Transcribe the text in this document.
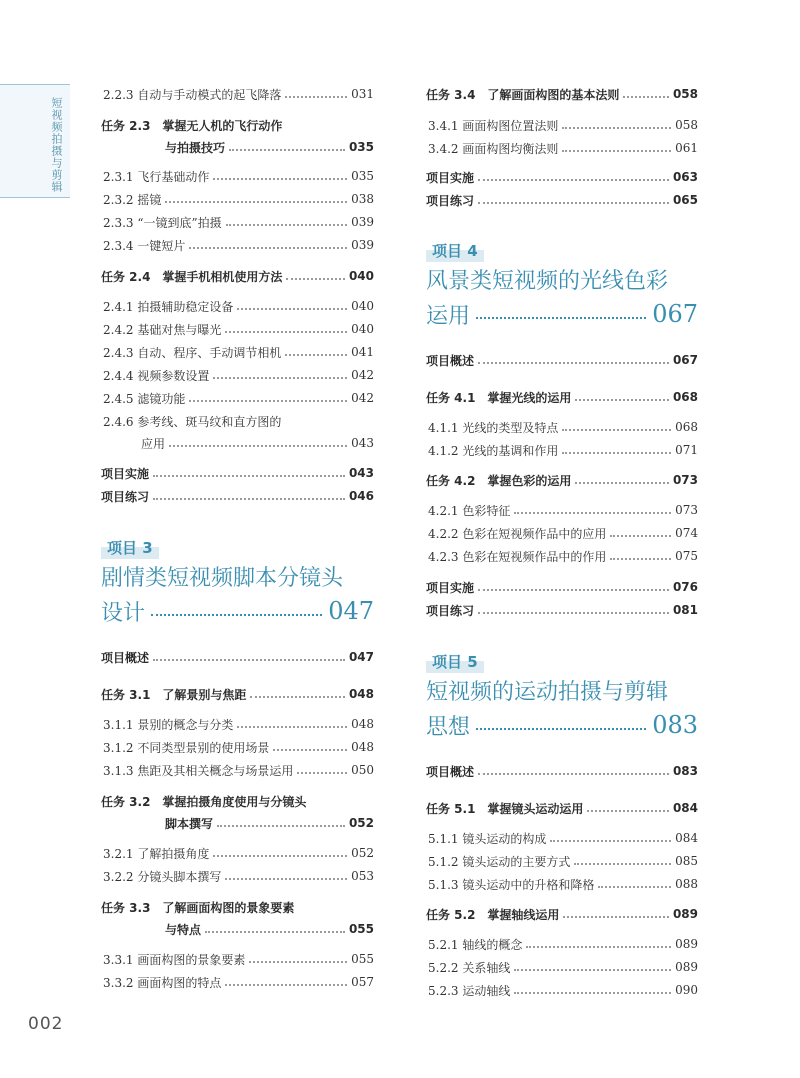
短视频拍摄与剪辑
2.2.3 自动与手动模式的起飞降落	031
任务 2.3　掌握无人机的飞行动作
与拍摄技巧	035
2.3.1 飞行基础动作	035
2.3.2 摇镜	038
2.3.3 “一镜到底”拍摄	039
2.3.4 一键短片	039
任务 2.4　掌握手机相机使用方法	040
2.4.1 拍摄辅助稳定设备	040
2.4.2 基础对焦与曝光	040
2.4.3 自动、程序、手动调节相机	041
2.4.4 视频参数设置	042
2.4.5 滤镜功能	042
2.4.6 参考线、斑马纹和直方图的
应用	043
项目实施	043
项目练习	046
项目 3
剧情类短视频脚本分镜头
设计	047
项目概述	047
任务 3.1　了解景别与焦距	048
3.1.1 景别的概念与分类	048
3.1.2 不同类型景别的使用场景	048
3.1.3 焦距及其相关概念与场景运用	050
任务 3.2　掌握拍摄角度使用与分镜头
脚本撰写	052
3.2.1 了解拍摄角度	052
3.2.2 分镜头脚本撰写	053
任务 3.3　了解画面构图的景象要素
与特点	055
3.3.1 画面构图的景象要素	055
3.3.2 画面构图的特点	057
任务 3.4　了解画面构图的基本法则	058
3.4.1 画面构图位置法则	058
3.4.2 画面构图均衡法则	061
项目实施	063
项目练习	065
项目 4
风景类短视频的光线色彩
运用	067
项目概述	067
任务 4.1　掌握光线的运用	068
4.1.1 光线的类型及特点	068
4.1.2 光线的基调和作用	071
任务 4.2　掌握色彩的运用	073
4.2.1 色彩特征	073
4.2.2 色彩在短视频作品中的应用	074
4.2.3 色彩在短视频作品中的作用	075
项目实施	076
项目练习	081
项目 5
短视频的运动拍摄与剪辑
思想	083
项目概述	083
任务 5.1　掌握镜头运动运用	084
5.1.1 镜头运动的构成	084
5.1.2 镜头运动的主要方式	085
5.1.3 镜头运动中的升格和降格	088
任务 5.2　掌握轴线运用	089
5.2.1 轴线的概念	089
5.2.2 关系轴线	089
5.2.3 运动轴线	090
002
